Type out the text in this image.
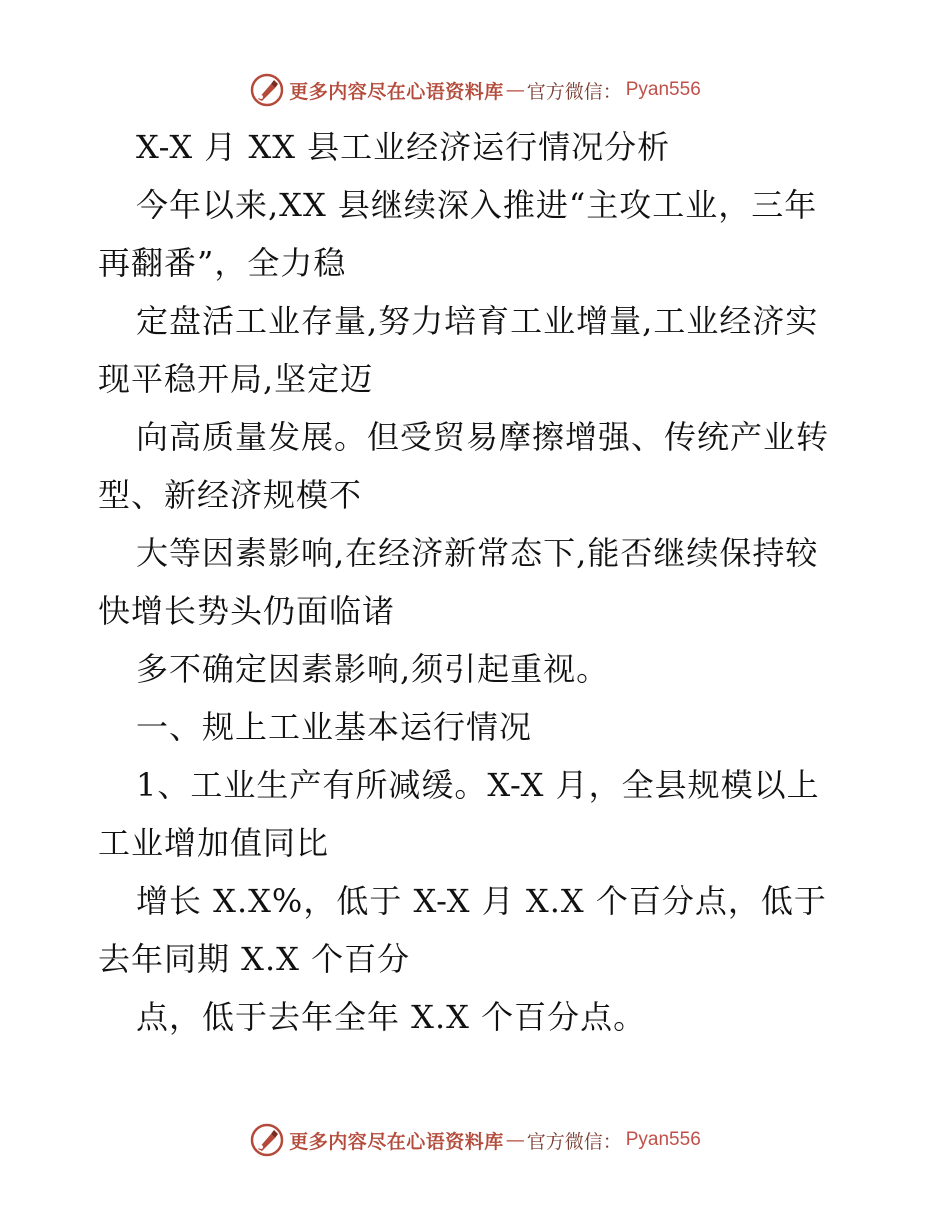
更多内容尽在心语资料库 — 官方微信： Pyan556
X-X 月 XX 县工业经济运行情况分析
今年以来,XX 县继续深入推进“主攻工业，三年
再翻番”，全力稳
定盘活工业存量,努力培育工业增量,工业经济实
现平稳开局,坚定迈
向高质量发展。但受贸易摩擦增强、传统产业转
型、新经济规模不
大等因素影响,在经济新常态下,能否继续保持较
快增长势头仍面临诸
多不确定因素影响,须引起重视。
一、规上工业基本运行情况
1、工业生产有所减缓。X-X 月，全县规模以上
工业增加值同比
增长 X.X%，低于 X-X 月 X.X 个百分点，低于
去年同期 X.X 个百分
点，低于去年全年 X.X 个百分点。
更多内容尽在心语资料库 — 官方微信： Pyan556
